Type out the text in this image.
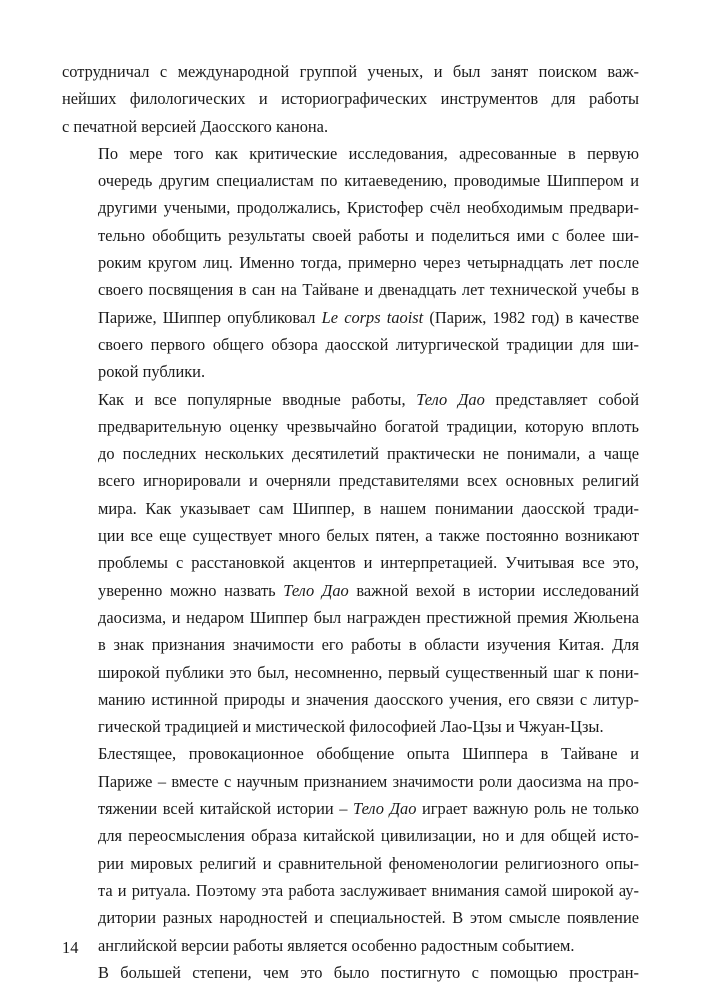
сотрудничал с международной группой ученых, и был занят поиском важ-
нейших филологических и историографических инструментов для работы
с печатной версией Даосского канона.
По мере того как критические исследования, адресованные в первую
очередь другим специалистам по китаеведению, проводимые Шиппером и
другими учеными, продолжались, Кристофер счёл необходимым предвари-
тельно обобщить результаты своей работы и поделиться ими с более ши-
роким кругом лиц. Именно тогда, примерно через четырнадцать лет после
своего посвящения в сан на Тайване и двенадцать лет технической учебы в
Париже, Шиппер опубликовал Le corps taoist (Париж, 1982 год) в качестве
своего первого общего обзора даосской литургической традиции для ши-
рокой публики.
Как и все популярные вводные работы, Тело Дао представляет собой
предварительную оценку чрезвычайно богатой традиции, которую вплоть
до последних нескольких десятилетий практически не понимали, а чаще
всего игнорировали и очерняли представителями всех основных религий
мира. Как указывает сам Шиппер, в нашем понимании даосской тради-
ции все еще существует много белых пятен, а также постоянно возникают
проблемы с расстановкой акцентов и интерпретацией. Учитывая все это,
уверенно можно назвать Тело Дао важной вехой в истории исследований
даосизма, и недаром Шиппер был награжден престижной премия Жюльена
в знак признания значимости его работы в области изучения Китая. Для
широкой публики это был, несомненно, первый существенный шаг к пони-
манию истинной природы и значения даосского учения, его связи с литур-
гической традицией и мистической философией Лао-Цзы и Чжуан-Цзы.
Блестящее, провокационное обобщение опыта Шиппера в Тайване и
Париже – вместе с научным признанием значимости роли даосизма на про-
тяжении всей китайской истории – Тело Дао играет важную роль не только
для переосмысления образа китайской цивилизации, но и для общей исто-
рии мировых религий и сравнительной феноменологии религиозного опы-
та и ритуала. Поэтому эта работа заслуживает внимания самой широкой ау-
дитории разных народностей и специальностей. В этом смысле появление
английской версии работы является особенно радостным событием.
В большей степени, чем это было постигнуто с помощью простран-
14
